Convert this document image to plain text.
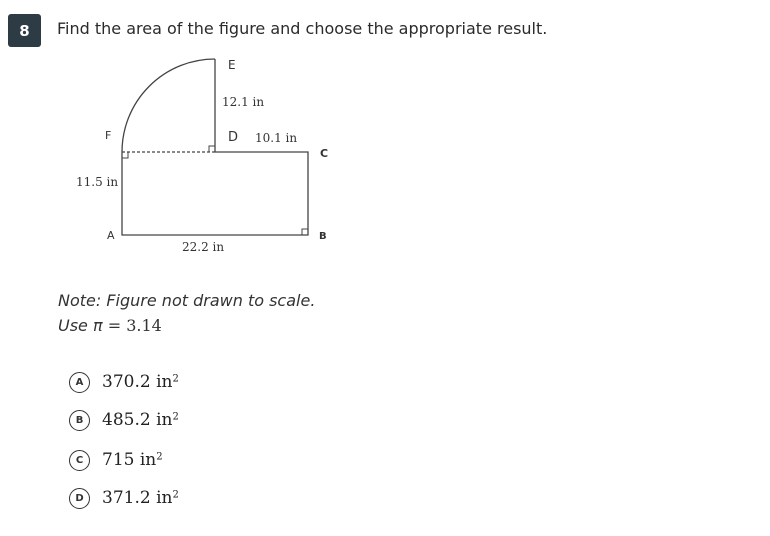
8	Find the area of the figure and choose the appropriate result.
E
D
C
F
A	B
12.1 in
10.1 in
11.5 in
22.2 in
Note: Figure not drawn to scale.
Use π = 3.14
A	370.2 $in^2$
B	485.2 $in^2$
C	715 $in^2$
D	371.2 $in^2$
